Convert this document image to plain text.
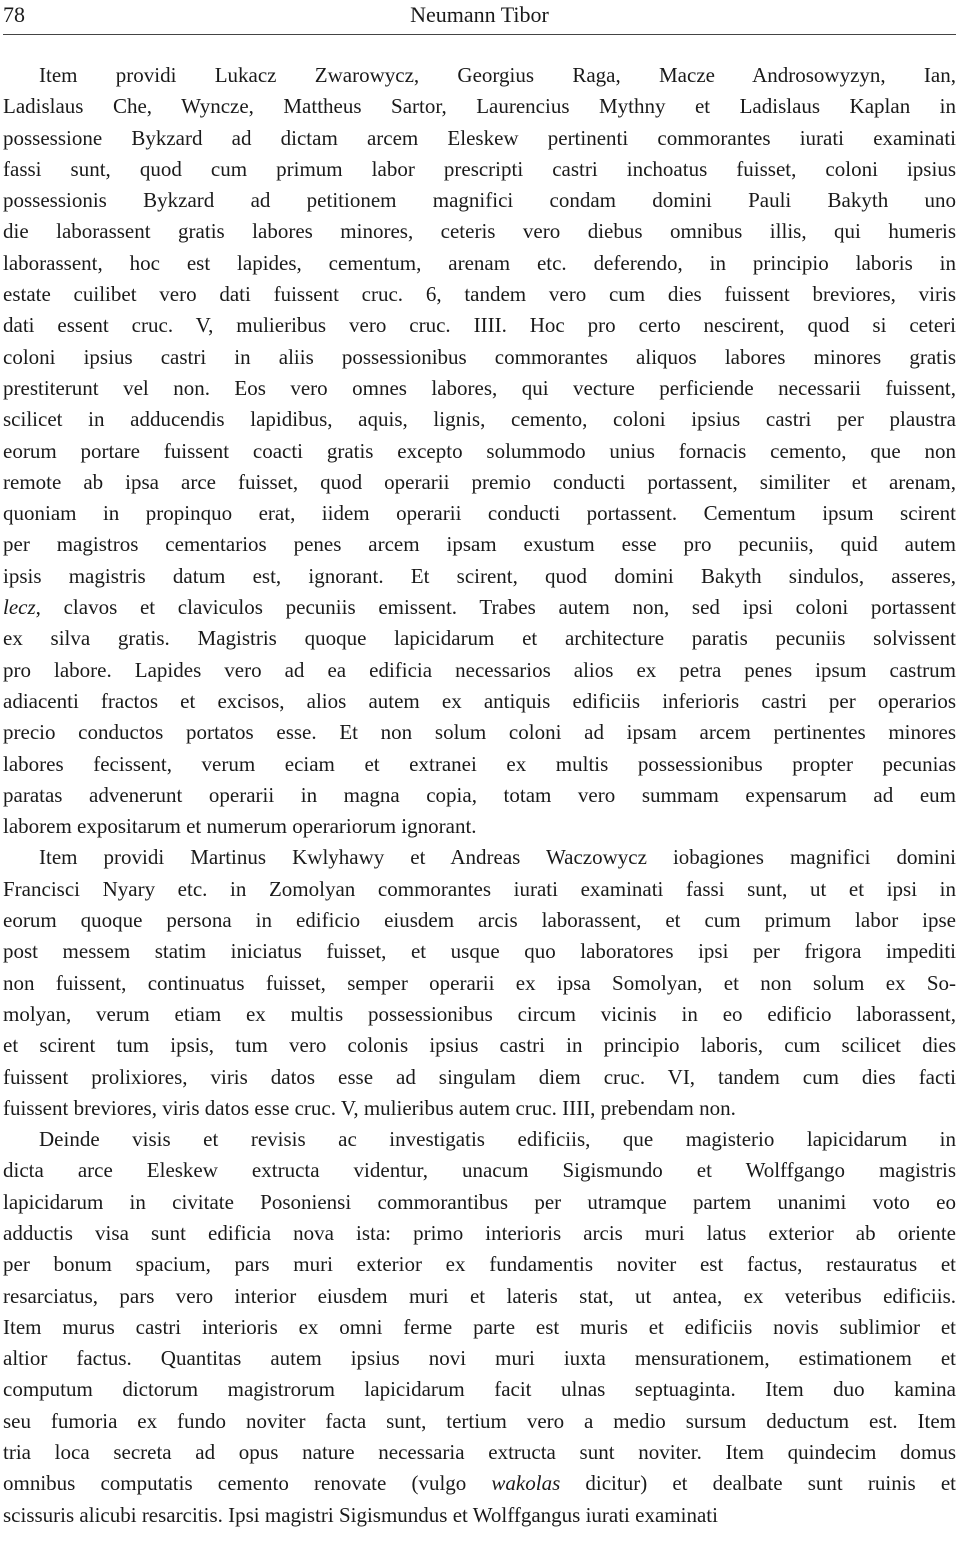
78	Neumann Tibor
Item providi Lukacz Zwarowycz, Georgius Raga, Macze Androsowyzyn, Ian,
Ladislaus Che, Wyncze, Mattheus Sartor, Laurencius Mythny et Ladislaus Kaplan in
possessione Bykzard ad dictam arcem Eleskew pertinenti commorantes iurati examinati
fassi sunt, quod cum primum labor prescripti castri inchoatus fuisset, coloni ipsius
possessionis Bykzard ad petitionem magnifici condam domini Pauli Bakyth uno
die laborassent gratis labores minores, ceteris vero diebus omnibus illis, qui humeris
laborassent, hoc est lapides, cementum, arenam etc. deferendo, in principio laboris in
estate cuilibet vero dati fuissent cruc. 6, tandem vero cum dies fuissent breviores, viris
dati essent cruc. V, mulieribus vero cruc. IIII. Hoc pro certo nescirent, quod si ceteri
coloni ipsius castri in aliis possessionibus commorantes aliquos labores minores gratis
prestiterunt vel non. Eos vero omnes labores, qui vecture perficiende necessarii fuissent,
scilicet in adducendis lapidibus, aquis, lignis, cemento, coloni ipsius castri per plaustra
eorum portare fuissent coacti gratis excepto solummodo unius fornacis cemento, que non
remote ab ipsa arce fuisset, quod operarii premio conducti portassent, similiter et arenam,
quoniam in propinquo erat, iidem operarii conducti portassent. Cementum ipsum scirent
per magistros cementarios penes arcem ipsam exustum esse pro pecuniis, quid autem
ipsis magistris datum est, ignorant. Et scirent, quod domini Bakyth sindulos, asseres,
lecz, clavos et claviculos pecuniis emissent. Trabes autem non, sed ipsi coloni portassent
ex silva gratis. Magistris quoque lapicidarum et architecture paratis pecuniis solvissent
pro labore. Lapides vero ad ea edificia necessarios alios ex petra penes ipsum castrum
adiacenti fractos et excisos, alios autem ex antiquis edificiis inferioris castri per operarios
precio conductos portatos esse. Et non solum coloni ad ipsam arcem pertinentes minores
labores fecissent, verum eciam et extranei ex multis possessionibus propter pecunias
paratas advenerunt operarii in magna copia, totam vero summam expensarum ad eum
laborem expositarum et numerum operariorum ignorant.
Item providi Martinus Kwlyhawy et Andreas Waczowycz iobagiones magnifici domini
Francisci Nyary etc. in Zomolyan commorantes iurati examinati fassi sunt, ut et ipsi in
eorum quoque persona in edificio eiusdem arcis laborassent, et cum primum labor ipse
post messem statim iniciatus fuisset, et usque quo laboratores ipsi per frigora impediti
non fuissent, continuatus fuisset, semper operarii ex ipsa Somolyan, et non solum ex So-
molyan, verum etiam ex multis possessionibus circum vicinis in eo edificio laborassent,
et scirent tum ipsis, tum vero colonis ipsius castri in principio laboris, cum scilicet dies
fuissent prolixiores, viris datos esse ad singulam diem cruc. VI, tandem cum dies facti
fuissent breviores, viris datos esse cruc. V, mulieribus autem cruc. IIII, prebendam non.
Deinde visis et revisis ac investigatis edificiis, que magisterio lapicidarum in
dicta arce Eleskew extructa videntur, unacum Sigismundo et Wolffgango magistris
lapicidarum in civitate Posoniensi commorantibus per utramque partem unanimi voto eo
adductis visa sunt edificia nova ista: primo interioris arcis muri latus exterior ab oriente
per bonum spacium, pars muri exterior ex fundamentis noviter est factus, restauratus et
resarciatus, pars vero interior eiusdem muri et lateris stat, ut antea, ex veteribus edificiis.
Item murus castri interioris ex omni ferme parte est muris et edificiis novis sublimior et
altior factus. Quantitas autem ipsius novi muri iuxta mensurationem, estimationem et
computum dictorum magistrorum lapicidarum facit ulnas septuaginta. Item duo kamina
seu fumoria ex fundo noviter facta sunt, tertium vero a medio sursum deductum est. Item
tria loca secreta ad opus nature necessaria extructa sunt noviter. Item quindecim domus
omnibus computatis cemento renovate (vulgo wakolas dicitur) et dealbate sunt ruinis et
scissuris alicubi resarcitis. Ipsi magistri Sigismundus et Wolffgangus iurati examinati
